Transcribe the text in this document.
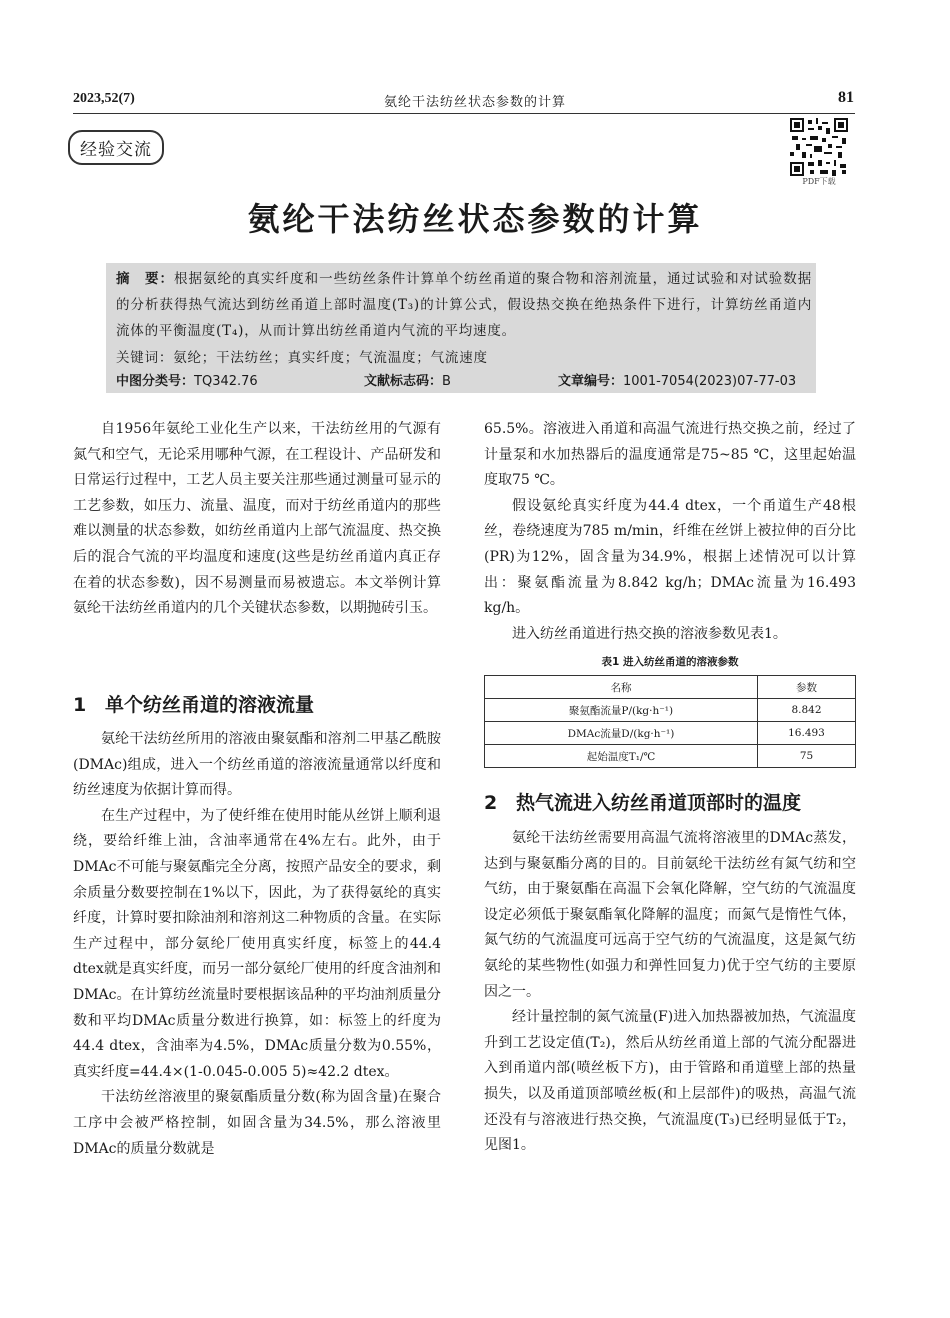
2023,52(7)	氨纶干法纺丝状态参数的计算	81
经验交流
PDF下载
氨纶干法纺丝状态参数的计算
摘　要：根据氨纶的真实纤度和一些纺丝条件计算单个纺丝甬道的聚合物和溶剂流量，通过试验和对试验数据的分析获得热气流达到纺丝甬道上部时温度(T₃)的计算公式，假设热交换在绝热条件下进行，计算纺丝甬道内流体的平衡温度(T₄)，从而计算出纺丝甬道内气流的平均速度。
关键词：氨纶；干法纺丝；真实纤度；气流温度；气流速度
中图分类号：TQ342.76	文献标志码：B	文章编号：1001-7054(2023)07-77-03

自1956年氨纶工业化生产以来，干法纺丝用的气源有氮气和空气，无论采用哪种气源，在工程设计、产品研发和日常运行过程中，工艺人员主要关注那些通过测量可显示的工艺参数，如压力、流量、温度，而对于纺丝甬道内的那些难以测量的状态参数，如纺丝甬道内上部气流温度、热交换后的混合气流的平均温度和速度(这些是纺丝甬道内真正存在着的状态参数)，因不易测量而易被遗忘。本文举例计算氨纶干法纺丝甬道内的几个关键状态参数，以期抛砖引玉。

1 单个纺丝甬道的溶液流量

氨纶干法纺丝所用的溶液由聚氨酯和溶剂二甲基乙酰胺(DMAc)组成，进入一个纺丝甬道的溶液流量通常以纤度和纺丝速度为依据计算而得。

在生产过程中，为了使纤维在使用时能从丝饼上顺利退绕，要给纤维上油，含油率通常在4%左右。此外，由于DMAc不可能与聚氨酯完全分离，按照产品安全的要求，剩余质量分数要控制在1%以下，因此，为了获得氨纶的真实纤度，计算时要扣除油剂和溶剂这二种物质的含量。在实际生产过程中，部分氨纶厂使用真实纤度，标签上的44.4 dtex就是真实纤度，而另一部分氨纶厂使用的纤度含油剂和DMAc。在计算纺丝流量时要根据该品种的平均油剂质量分数和平均DMAc质量分数进行换算，如：标签上的纤度为44.4 dtex，含油率为4.5%，DMAc质量分数为0.55%，真实纤度=44.4×(1-0.045-0.005 5)≈42.2 dtex。

干法纺丝溶液里的聚氨酯质量分数(称为固含量)在聚合工序中会被严格控制，如固含量为34.5%，那么溶液里DMAc的质量分数就是

65.5%。溶液进入甬道和高温气流进行热交换之前，经过了计量泵和水加热器后的温度通常是75~85 ℃，这里起始温度取75 ℃。

假设氨纶真实纤度为44.4 dtex，一个甬道生产48根丝，卷绕速度为785 m/min，纤维在丝饼上被拉伸的百分比(PR)为12%，固含量为34.9%，根据上述情况可以计算出：聚氨酯流量为8.842 kg/h；DMAc流量为16.493 kg/h。

进入纺丝甬道进行热交换的溶液参数见表1。

表1 进入纺丝甬道的溶液参数
名称	参数
聚氨酯流量P/(kg·h⁻¹)	8.842
DMAc流量D/(kg·h⁻¹)	16.493
起始温度T₁/℃	75
2 热气流进入纺丝甬道顶部时的温度

氨纶干法纺丝需要用高温气流将溶液里的DMAc蒸发，达到与聚氨酯分离的目的。目前氨纶干法纺丝有氮气纺和空气纺，由于聚氨酯在高温下会氧化降解，空气纺的气流温度设定必须低于聚氨酯氧化降解的温度；而氮气是惰性气体，氮气纺的气流温度可远高于空气纺的气流温度，这是氮气纺氨纶的某些物性(如强力和弹性回复力)优于空气纺的主要原因之一。

经计量控制的氮气流量(F)进入加热器被加热，气流温度升到工艺设定值(T₂)，然后从纺丝甬道上部的气流分配器进入到甬道内部(喷丝板下方)，由于管路和甬道壁上部的热量损失，以及甬道顶部喷丝板(和上层部件)的吸热，高温气流还没有与溶液进行热交换，气流温度(T₃)已经明显低于T₂，见图1。
